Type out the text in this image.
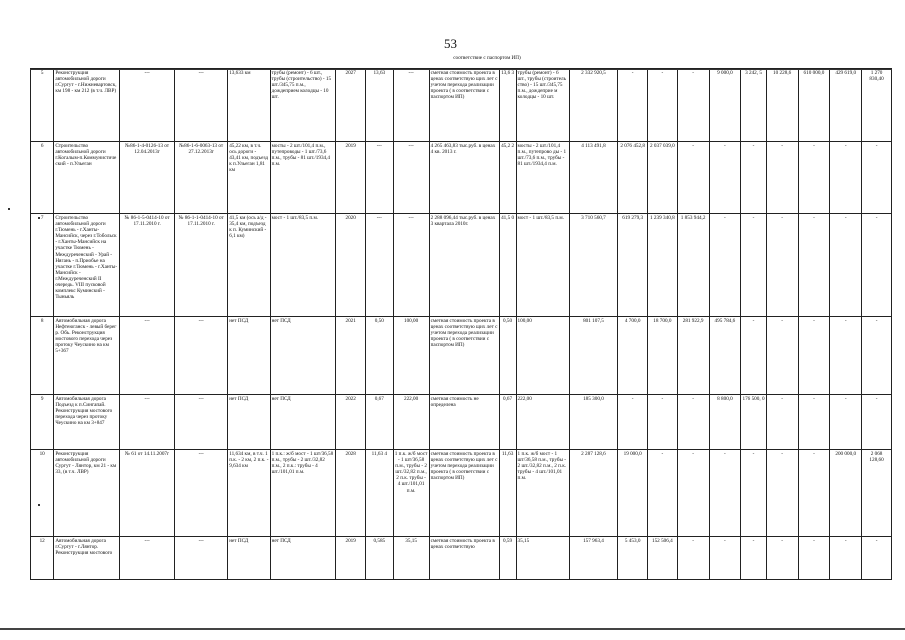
53
соответствие с паспортом ИП)
5	Реконструкция автомобильной дороги г.Сургут - г.Нижневартовск, км 198 - км 212 (в т.ч. ЛВР)	---	---	13,633 км	трубы (ремонт) - 6 шт., трубы (строительство) - 15 шт./345,75 п.м., дождеприем колодцы - 10 шт.	2027	13,63	---	сметная стоимость проекта в ценах соответствую щих лет с учетом перехода реализации проекта ( в соответствии с паспортом ИП)	13,6 3	трубы (ремонт) - 6 шт., трубы (строитель ство) - 15 шт./345,75 п.м., дождеприе м колодцы - 10 шт.	2 332 920,5	-	-	-	9 000,0	3 242, 5	10 228,6	610 000,0	429 619,0	1 270 830,40
6	Строительство автомобильной дороги г.Когалым-п.Коммунистиче ский - п.Ульеган	№86-1-4-0126-13 от 12.04.2013г	№86-1-6-0063-13 от 27.12.2013г	45,22 км, в т.ч. ось дороги - 43,41 км, подъезд к п.Ульеган 1,81 км	мосты - 2 шт./101,4 п.м., путепроводы - 1 шт./73,6 п.м., трубы - 81 шт./1934,4 п.м.	2019	---	---	4 265 463,83 тыс.руб. в ценах 4 кв. 2013 г.	45,2 2	мосты - 2 шт./101,4 п.м., путепрово ды - 1 шт./73,6 п.м., трубы - 81 шт./1934,4 п.м.	4 113 491,8	2 076 452,8	2 037 039,0	-	-	-	-	-	-	-
7	Строительство автомобильной дороги г.Тюмень - г.Ханты-Мансийск, через г.Тобольск - г.Ханты-Мансийск на участке Тюмень - Междуреченский - Урай - Нягань - п.Приобье на участке г.Тюмень - г.Ханты-Мансийск - г.Междуреченский II очередь. VIII пусковой комплекс Куминский - Тыньяль	№ 86-1-5-0414-10 от 17.11.2010 г.	№ 86-1-1-0414-10 от 17.11.2010 г.	41,5 км (ось а/д - 35,4 км, подъезд к п. Куминский - 6,1 км)	мост - 1 шт./83,5 п.м.	2020	---	---	2 288 096,44 тыс.руб. в ценах 3 квартала 2010г.	41,5 0	мост - 1 шт./83,5 п.м.	3 710 560,7	619 279,3	1 239 340,8	1 853 944,2	-	-	-	-	-	-
8	Автомобильная дорога Нефтеюганск - левый берег р. Обь. Реконструкция мостового перехода через протоку Чеускино на км 5+367	---	---	нет ПСД	нет ПСД	2021	0,50	100,00	сметная стоимость проекта в ценах соответствую щих лет с учетом перехода реализации проекта ( в соответствии с паспортом ИП)	0,50	100,00	801 107,5	4 700,0	18 700,0	281 922,9	495 784,6	-	-	-	-	-
9	Автомобильная дорога Подъезд к п.Сингапай. Реконструкция мостового перехода через протоку Чеускино на км 3+847	---	---	нет ПСД	нет ПСД	2022	0,67	222,00	сметная стоимость не определена	0,67	222,00	185 300,0	-	-	-	8 800,0	176 500, 0	-	-	-	-
10	Реконструкция автомобильной дороги Сургут - Лянтор, км 21 - км 33, (в т.ч. ЛВР)	№ 61 от 14.11.2007г	---	11,634 км, в т.ч. 1 п.к. - 2 км, 2 п.к. - 9,634 км	1 п.к.: ж/б мост - 1 шт/36,58 п.м., трубы - 2 шт./32,82 п.м., 2 п.к.: трубы - 4 шт./101,01 п.м.	2028	11,63 4	1 п.к. ж/б мост - 1 шт/36,58 п.м., трубы - 2 шт./32,82 п.м., 2 п.к. трубы - 4 шт./101,01 п.м.	сметная стоимость проекта в ценах соответствую щих лет с учетом перехода реализации проекта ( в соответствии с паспортом ИП)	11,63	1 п.к. ж/б мост - 1 шт/36,58 п.м., трубы - 2 шт./32,82 п.м., 2 п.к. трубы - 4 шт./101,01 п.м.	2 287 128,6	19 000,0	-	-	-	-	-	-	200 000,0	2 068 128,60
12	Автомобильная дорога г.Сургут - г.Лянтор. Реконструкция мостового	---	---	нет ПСД	нет ПСД	2019	0,585	35,15	сметная стоимость проекта в ценах соответствую	0,59	35,15	157 963,4	5 453,0	152 506,4	-	-	-	-	-	-	-
